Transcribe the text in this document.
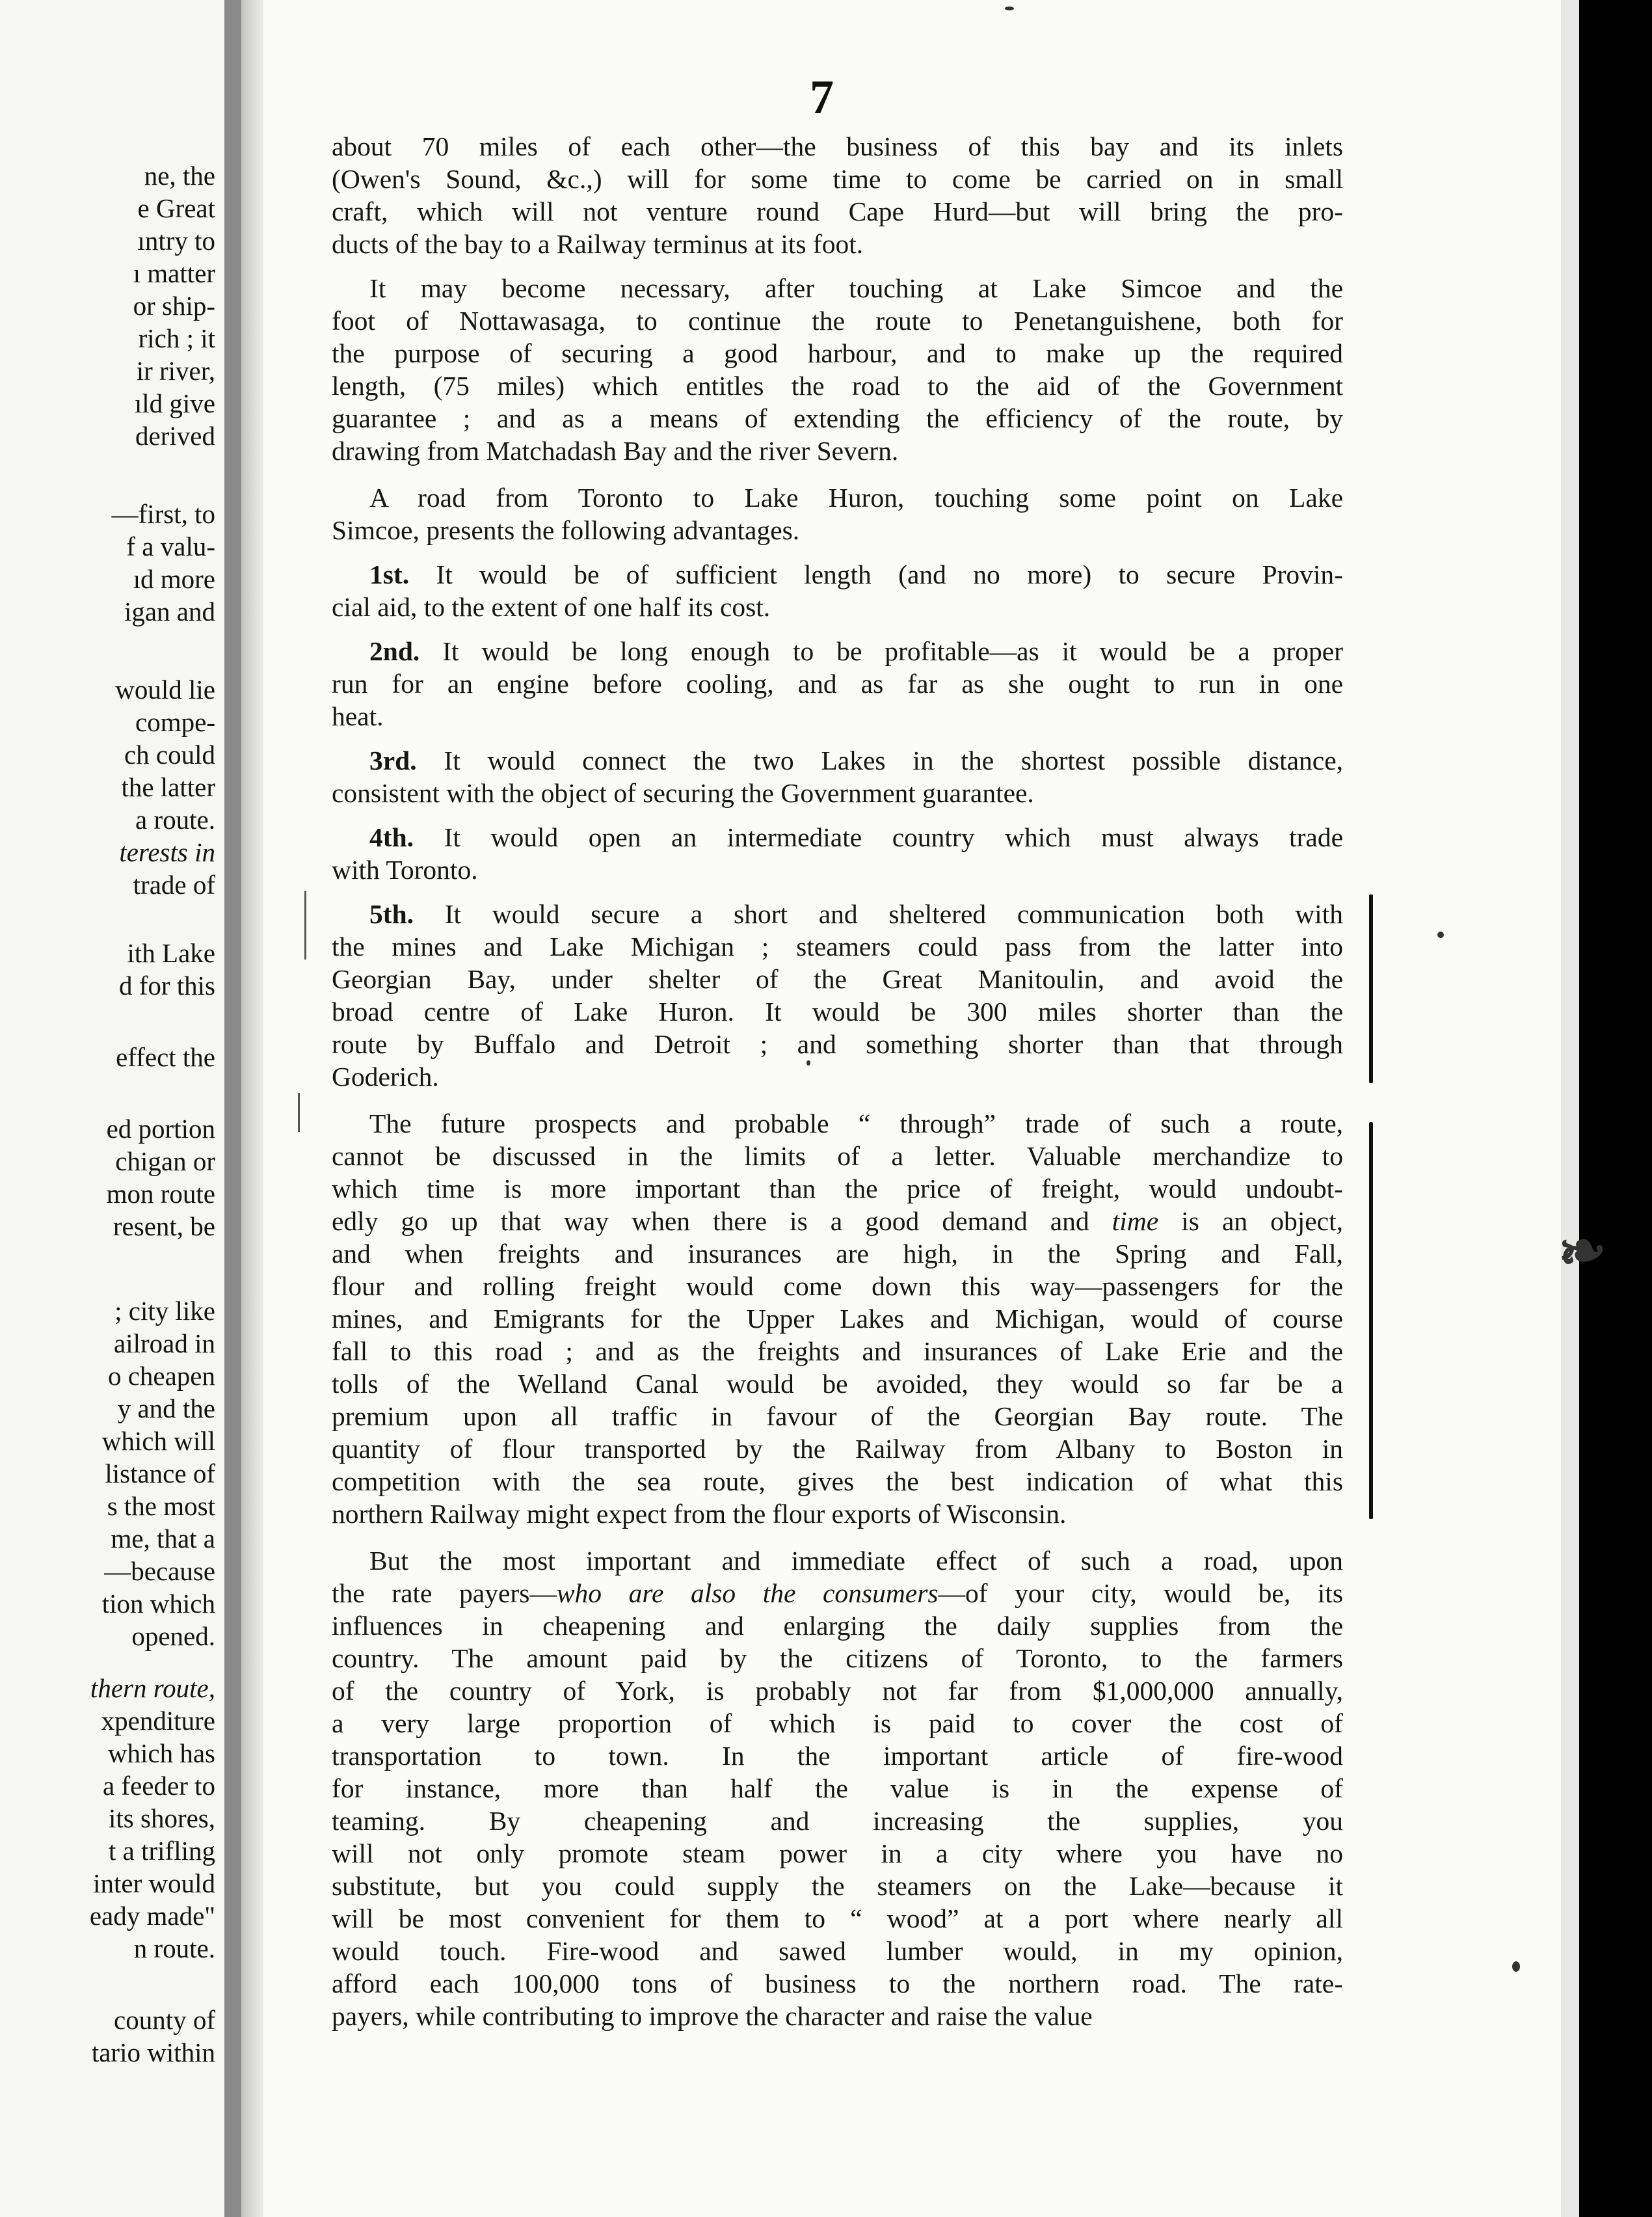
ne, the

e Great

ıntry to

ı matter

or ship-

rich ; it

ir river,

ıld give

derived

—first, to

f a valu-

ıd more

igan and

would lie

compe-

ch could

the latter

a route.

terests in

trade of

ith Lake

d for this

effect the

ed portion

chigan or

mon route

resent, be

; city like

ailroad in

o cheapen

y and the

which will

listance of

s the most

me, that a

—because

tion which

opened.

thern route,

xpenditure

which has

a feeder to

its shores,

t a trifling

inter would

eady made"

n route.

county of

tario within

7

about 70 miles of each other—the business of this bay and its inlets
(Owen's Sound, &c.,) will for some time to come be carried on in small
craft, which will not venture round Cape Hurd—but will bring the pro-
ducts of the bay to a Railway terminus at its foot.

It may become necessary, after touching at Lake Simcoe and the
foot of Nottawasaga, to continue the route to Penetanguishene, both for
the purpose of securing a good harbour, and to make up the required
length, (75 miles) which entitles the road to the aid of the Government
guarantee ; and as a means of extending the efficiency of the route, by
drawing from Matchadash Bay and the river Severn.

A road from Toronto to Lake Huron, touching some point on Lake
Simcoe, presents the following advantages.

1st. It would be of sufficient length (and no more) to secure Provin-
cial aid, to the extent of one half its cost.

2nd. It would be long enough to be profitable—as it would be a proper
run for an engine before cooling, and as far as she ought to run in one
heat.

3rd. It would connect the two Lakes in the shortest possible distance,
consistent with the object of securing the Government guarantee.

4th. It would open an intermediate country which must always trade
with Toronto.

5th. It would secure a short and sheltered communication both with
the mines and Lake Michigan ; steamers could pass from the latter into
Georgian Bay, under shelter of the Great Manitoulin, and avoid the
broad centre of Lake Huron. It would be 300 miles shorter than the
route by Buffalo and Detroit ; and something shorter than that through
Goderich.

The future prospects and probable “ through” trade of such a route,
cannot be discussed in the limits of a letter. Valuable merchandize to
which time is more important than the price of freight, would undoubt-
edly go up that way when there is a good demand and time is an object,
and when freights and insurances are high, in the Spring and Fall,
flour and rolling freight would come down this way—passengers for the
mines, and Emigrants for the Upper Lakes and Michigan, would of course
fall to this road ; and as the freights and insurances of Lake Erie and the
tolls of the Welland Canal would be avoided, they would so far be a
premium upon all traffic in favour of the Georgian Bay route. The
quantity of flour transported by the Railway from Albany to Boston in
competition with the sea route, gives the best indication of what this
northern Railway might expect from the flour exports of Wisconsin.

But the most important and immediate effect of such a road, upon
the rate payers—who are also the consumers—of your city, would be, its
influences in cheapening and enlarging the daily supplies from the
country. The amount paid by the citizens of Toronto, to the farmers
of the country of York, is probably not far from $1,000,000 annually,
a very large proportion of which is paid to cover the cost of
transportation to town. In the important article of fire-wood
for instance, more than half the value is in the expense of
teaming. By cheapening and increasing the supplies, you
will not only promote steam power in a city where you have no
substitute, but you could supply the steamers on the Lake—because it
will be most convenient for them to “ wood” at a port where nearly all
would touch. Fire-wood and sawed lumber would, in my opinion,
afford each 100,000 tons of business to the northern road. The rate-
payers, while contributing to improve the character and raise the value

❧
